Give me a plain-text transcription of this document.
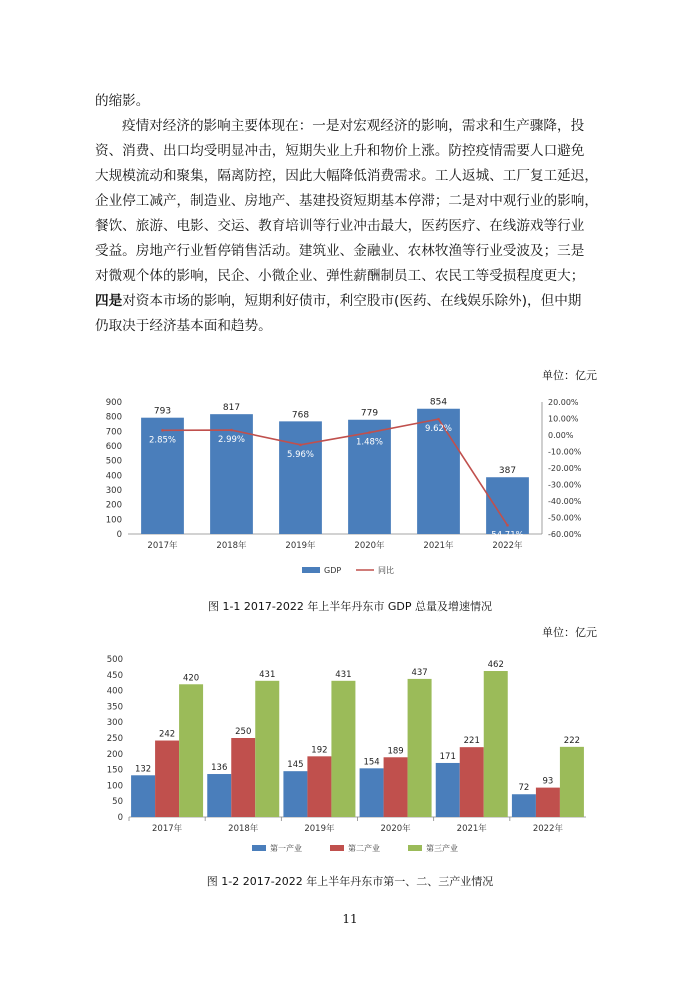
的缩影。

疫情对经济的影响主要体现在：一是对宏观经济的影响，需求和生产骤降，投
资、消费、出口均受明显冲击，短期失业上升和物价上涨。防控疫情需要人口避免
大规模流动和聚集，隔离防控，因此大幅降低消费需求。工人返城、工厂复工延迟，
企业停工减产，制造业、房地产、基建投资短期基本停滞；二是对中观行业的影响，
餐饮、旅游、电影、交运、教育培训等行业冲击最大，医药医疗、在线游戏等行业
受益。房地产行业暂停销售活动。建筑业、金融业、农林牧渔等行业受波及；三是
对微观个体的影响，民企、小微企业、弹性薪酬制员工、农民工等受损程度更大；
四是对资本市场的影响，短期利好债市，利空股市(医药、在线娱乐除外)，但中期
仍取决于经济基本面和趋势。

单位：亿元
0
100
200
300
400
500
600
700
800
900
-60.00%
-50.00%
-40.00%
-30.00%
-20.00%
-10.00%
0.00%
10.00%
20.00%
793
2017年
817
2018年
768
2019年
779
2020年
854
2021年
387
2022年
2.85%	2.99%
5.96%
1.48%
9.62%
54.71%
GDP	同比
图 1-1 2017-2022 年上半年丹东市 GDP 总量及增速情况
单位：亿元
0
50
100
150
200
250
300
350
400
450
500
132
242
420
2017年
136
250
431
2018年
145
192
431
2019年
154
189
437
2020年
171
221
462
2021年
72
93
222
2022年
第一产业	第二产业	第三产业
图 1-2 2017-2022 年上半年丹东市第一、二、三产业情况
11
